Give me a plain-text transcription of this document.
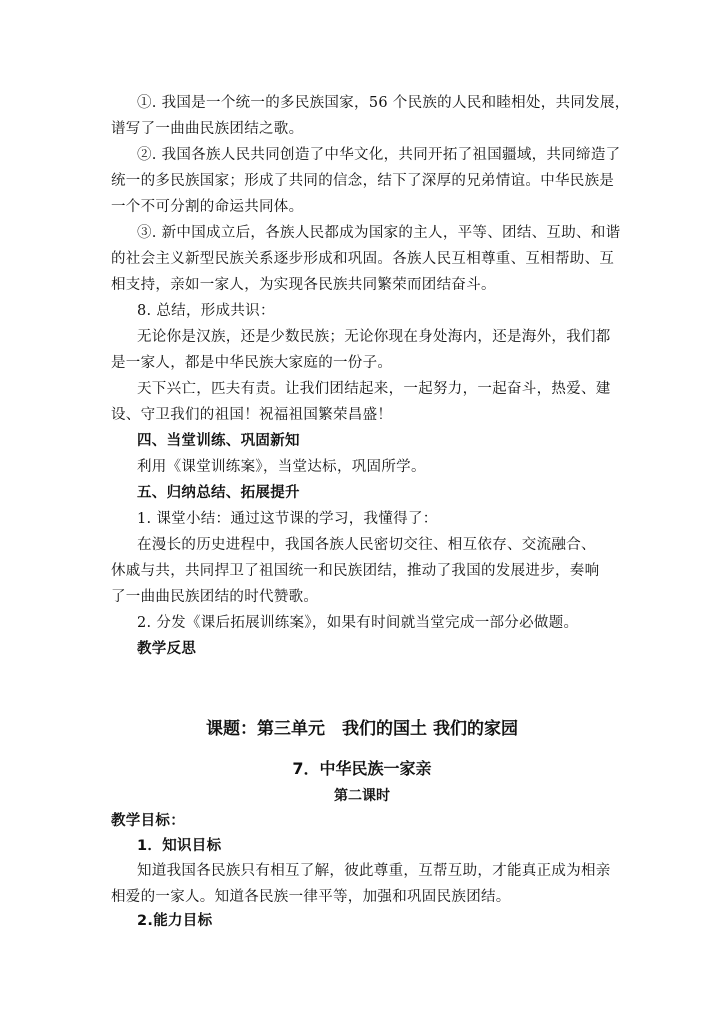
①. 我国是一个统一的多民族国家，56 个民族的人民和睦相处，共同发展，
谱写了一曲曲民族团结之歌。
②. 我国各族人民共同创造了中华文化，共同开拓了祖国疆域，共同缔造了
统一的多民族国家；形成了共同的信念，结下了深厚的兄弟情谊。中华民族是
一个不可分割的命运共同体。
③. 新中国成立后，各族人民都成为国家的主人，平等、团结、互助、和谐
的社会主义新型民族关系逐步形成和巩固。各族人民互相尊重、互相帮助、互
相支持，亲如一家人，为实现各民族共同繁荣而团结奋斗。
8. 总结，形成共识：
无论你是汉族，还是少数民族；无论你现在身处海内，还是海外，我们都
是一家人，都是中华民族大家庭的一份子。
天下兴亡，匹夫有责。让我们团结起来，一起努力，一起奋斗，热爱、建
设、守卫我们的祖国！祝福祖国繁荣昌盛！
四、当堂训练、巩固新知
利用《课堂训练案》，当堂达标，巩固所学。
五、归纳总结、拓展提升
1. 课堂小结：通过这节课的学习，我懂得了：
在漫长的历史进程中，我国各族人民密切交往、相互依存、交流融合、
休戚与共，共同捍卫了祖国统一和民族团结，推动了我国的发展进步，奏响
了一曲曲民族团结的时代赞歌。
2. 分发《课后拓展训练案》，如果有时间就当堂完成一部分必做题。
教学反思
课题：第三单元　我们的国土 我们的家园
7．中华民族一家亲
第二课时
教学目标：
1．知识目标
知道我国各民族只有相互了解，彼此尊重，互帮互助，才能真正成为相亲
相爱的一家人。知道各民族一律平等，加强和巩固民族团结。
2.能力目标
